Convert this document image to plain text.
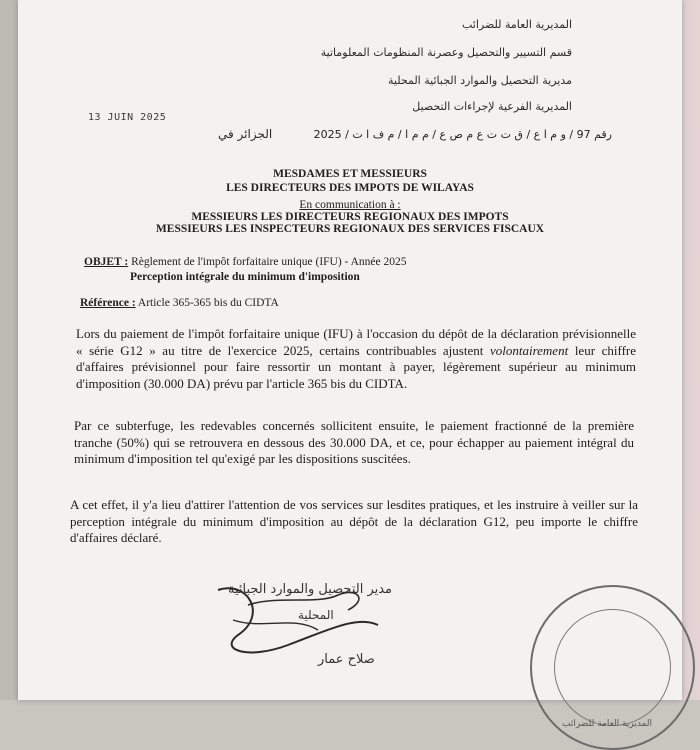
المديرية العامة للضرائب
قسم التسيير والتحصيل وعصرنة المنظومات المعلوماتية
مديرية التحصيل والموارد الجبائية المحلية
المديرية الفرعية لإجراءات التحصيل
13 JUIN 2025
رقم 97 / و م ا ع / ق ت ت ع م ص ع / م م ا / م ف ا ت / 2025
الجزائر في
MESDAMES ET MESSIEURS
LES DIRECTEURS DES IMPOTS DE WILAYAS
En communication à :
MESSIEURS LES DIRECTEURS REGIONAUX DES IMPOTS
MESSIEURS LES INSPECTEURS REGIONAUX DES SERVICES FISCAUX
OBJET : Règlement de l'impôt forfaitaire unique (IFU) - Année 2025
Perception intégrale du minimum d'imposition
Référence : Article 365-365 bis du CIDTA
Lors du paiement de l'impôt forfaitaire unique (IFU) à l'occasion du dépôt de la déclaration prévisionnelle « série G12 » au titre de l'exercice 2025, certains contribuables ajustent volontairement leur chiffre d'affaires prévisionnel pour faire ressortir un montant à payer, légèrement supérieur au minimum d'imposition (30.000 DA) prévu par l'article 365 bis du CIDTA.
Par ce subterfuge, les redevables concernés sollicitent ensuite, le paiement fractionné de la première tranche (50%) qui se retrouvera en dessous des 30.000 DA, et ce, pour échapper au paiement intégral du minimum d'imposition tel qu'exigé par les dispositions suscitées.
A cet effet, il y'a lieu d'attirer l'attention de vos services sur lesdites pratiques, et les instruire à veiller sur la perception intégrale du minimum d'imposition au dépôt de la déclaration G12, peu importe le chiffre d'affaires déclaré.
مدير التحصيل والموارد الجبائية
المحلية
صلاح عمار
المديرية العامة للضرائب
